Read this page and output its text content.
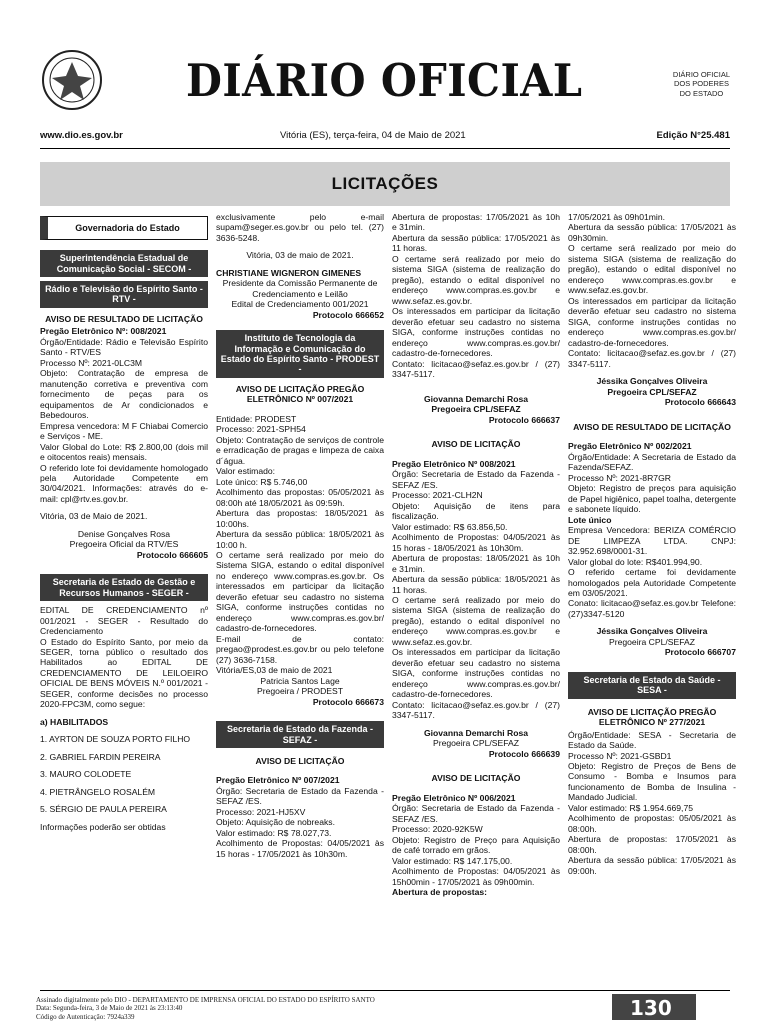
DIÁRIO OFICIAL	DIÁRIO OFICIAL
DOS PODERES
DO ESTADO
www.dio.es.gov.br	Vitória (ES), terça-feira, 04 de Maio de 2021	Edição N°25.481
LICITAÇÕES
Governadoria do Estado
Superintendência Estadual de Comunicação Social - SECOM -
Rádio e Televisão do Espírito Santo - RTV -
AVISO DE RESULTADO DE LICITAÇÃO
Pregão Eletrônico Nº: 008/2021
Órgão/Entidade: Rádio e Televisão Espírito Santo - RTV/ES
Processo Nº: 2021-0LC3M
Objeto: Contratação de empresa de manutenção corretiva e preventiva com fornecimento de peças para os equipamentos de Ar condicionados e Bebedouros.
Empresa vencedora: M F Chiabai Comercio e Serviços - ME.
Valor Global do Lote: R$ 2.800,00 (dois mil e oitocentos reais) mensais.
O referido lote foi devidamente homologado pela Autoridade Competente em 30/04/2021. Informações: através do e-mail: cpl@rtv.es.gov.br.
Vitória, 03 de Maio de 2021.
Denise Gonçalves Rosa
Pregoeira Oficial da RTV/ES
Protocolo 666605
Secretaria de Estado de Gestão e Recursos Humanos - SEGER -
EDITAL DE CREDENCIAMENTO nº 001/2021 - SEGER - Resultado do Credenciamento
O Estado do Espírito Santo, por meio da SEGER, torna público o resultado dos Habilitados ao EDITAL DE CREDENCIAMENTO DE LEILOEIRO OFICIAL DE BENS MÓVEIS N.º 001/2021 - SEGER, conforme decisões no processo 2020-FPC3M, como segue:
a) HABILITADOS
1. AYRTON DE SOUZA PORTO FILHO
2. GABRIEL FARDIN PEREIRA
3. MAURO COLODETE
4. PIETRÂNGELO ROSALÉM
5. SÉRGIO DE PAULA PEREIRA
Informações poderão ser obtidas
exclusivamente pelo e-mail supam@seger.es.gov.br ou pelo tel. (27) 3636-5248.
Vitória, 03 de maio de 2021.
CHRISTIANE WIGNERON GIMENES
Presidente da Comissão Permanente de Credenciamento e Leilão
Edital de Credenciamento 001/2021
Protocolo 666652
Instituto de Tecnologia da Informação e Comunicação do Estado do Espírito Santo - PRODEST -
AVISO DE LICITAÇÃO PREGÃO ELETRÔNICO Nº 007/2021
Entidade: PRODEST
Processo: 2021-SPH54
Objeto: Contratação de serviços de controle e erradicação de pragas e limpeza de caixa d´água.
Valor estimado:
Lote único: R$ 5.746,00
Acolhimento das propostas: 05/05/2021 às 08:00h até 18/05/2021 às 09:59h.
Abertura das propostas: 18/05/2021 às 10:00hs.
Abertura da sessão pública: 18/05/2021 às 10:00 h.
O certame será realizado por meio do Sistema SIGA, estando o edital disponível no endereço www.compras.es.gov.br. Os interessados em participar da licitação deverão efetuar seu cadastro no sistema SIGA, conforme instruções contidas no endereço www.compras.es.gov.br/ cadastro-de-fornecedores.
E-mail de contato: pregao@prodest.es.gov.br ou pelo telefone (27) 3636-7158.
Vitória/ES,03 de maio de 2021
Patricia Santos Lage
Pregoeira / PRODEST
Protocolo 666673
Secretaria de Estado da Fazenda - SEFAZ -
AVISO DE LICITAÇÃO
Pregão Eletrônico Nº 007/2021
Órgão: Secretaria de Estado da Fazenda - SEFAZ /ES.
Processo: 2021-HJ5XV
Objeto: Aquisição de nobreaks.
Valor estimado: R$ 78.027,73.
Acolhimento de Propostas: 04/05/2021 às 15 horas - 17/05/2021 às 10h30m.
Abertura de propostas: 17/05/2021 às 10h e 31min.
Abertura da sessão pública: 17/05/2021 às 11 horas.
O certame será realizado por meio do sistema SIGA (sistema de realização do pregão), estando o edital disponível no endereço www.compras.es.gov.br e www.sefaz.es.gov.br.
Os interessados em participar da licitação deverão efetuar seu cadastro no sistema SIGA, conforme instruções contidas no endereço www.compras.es.gov.br/ cadastro-de-fornecedores.
Contato: licitacao@sefaz.es.gov.br / (27) 3347-5117.
Giovanna Demarchi Rosa
Pregoeira CPL/SEFAZ
Protocolo 666637
AVISO DE LICITAÇÃO
Pregão Eletrônico Nº 008/2021
Órgão: Secretaria de Estado da Fazenda - SEFAZ /ES.
Processo: 2021-CLH2N
Objeto: Aquisição de itens para fiscalização.
Valor estimado: R$ 63.856,50.
Acolhimento de Propostas: 04/05/2021 às 15 horas - 18/05/2021 às 10h30m.
Abertura de propostas: 18/05/2021 às 10h e 31min.
Abertura da sessão pública: 18/05/2021 às 11 horas.
O certame será realizado por meio do sistema SIGA (sistema de realização do pregão), estando o edital disponível no endereço www.compras.es.gov.br e www.sefaz.es.gov.br.
Os interessados em participar da licitação deverão efetuar seu cadastro no sistema SIGA, conforme instruções contidas no endereço www.compras.es.gov.br/ cadastro-de-fornecedores.
Contato: licitacao@sefaz.es.gov.br / (27) 3347-5117.
Giovanna Demarchi Rosa
Pregoeira CPL/SEFAZ
Protocolo 666639
AVISO DE LICITAÇÃO
Pregão Eletrônico Nº 006/2021
Órgão: Secretaria de Estado da Fazenda - SEFAZ /ES.
Processo: 2020-92K5W
Objeto: Registro de Preço para Aquisição de café torrado em grãos.
Valor estimado: R$ 147.175,00.
Acolhimento de Propostas: 04/05/2021 às 15h00min - 17/05/2021 às 09h00min.
Abertura de propostas:
17/05/2021 às 09h01min.
Abertura da sessão pública: 17/05/2021 às 09h30min.
O certame será realizado por meio do sistema SIGA (sistema de realização do pregão), estando o edital disponível no endereço www.compras.es.gov.br e www.sefaz.es.gov.br.
Os interessados em participar da licitação deverão efetuar seu cadastro no sistema SIGA, conforme instruções contidas no endereço www.compras.es.gov.br/ cadastro-de-fornecedores.
Contato: licitacao@sefaz.es.gov.br / (27) 3347-5117.
Jéssika Gonçalves Oliveira
Pregoeira CPL/SEFAZ
Protocolo 666643
AVISO DE RESULTADO DE LICITAÇÃO
Pregão Eletrônico Nº 002/2021
Órgão/Entidade: A Secretaria de Estado da Fazenda/SEFAZ.
Processo Nº: 2021-8R7GR
Objeto: Registro de preços para aquisição de Papel higiênico, papel toalha, detergente e sabonete líquido.
Lote único
Empresa Vencedora: BERIZA COMÉRCIO DE LIMPEZA LTDA. CNPJ: 32.952.698/0001-31.
Valor global do lote: R$401.994,90.
O referido certame foi devidamente homologados pela Autoridade Competente em 03/05/2021.
Conato: licitacao@sefaz.es.gov.br Telefone: (27)3347-5120
Jéssika Gonçalves Oliveira
Pregoeira CPL/SEFAZ
Protocolo 666707
Secretaria de Estado da Saúde - SESA -
AVISO DE LICITAÇÃO PREGÃO ELETRÔNICO Nº 277/2021
Órgão/Entidade: SESA - Secretaria de Estado da Saúde.
Processo Nº: 2021-GSBD1
Objeto: Registro de Preços de Bens de Consumo - Bomba e Insumos para funcionamento de Bomba de Insulina - Mandado Judicial.
Valor estimado: R$ 1.954.669,75
Acolhimento de propostas: 05/05/2021 às 08:00h.
Abertura de propostas: 17/05/2021 às 08:00h.
Abertura da sessão pública: 17/05/2021 às 09:00h.
Assinado digitalmente pelo DIO - DEPARTAMENTO DE IMPRENSA OFICIAL DO ESTADO DO ESPÍRITO SANTO
Data: Segunda-feira, 3 de Maio de 2021 às 23:13:40
Código de Autenticação: 7924a339	130
